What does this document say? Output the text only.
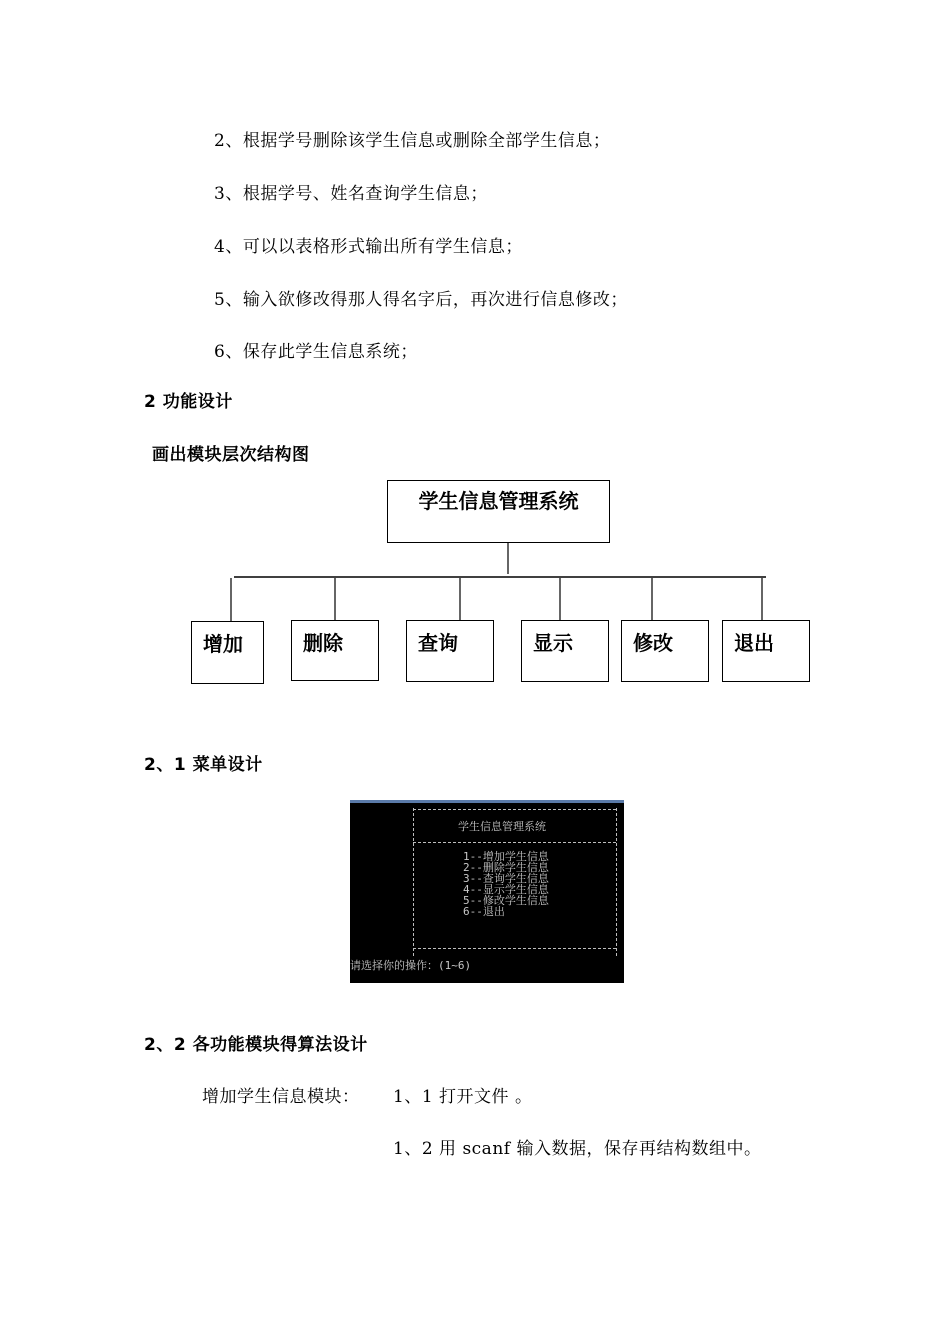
2、根据学号删除该学生信息或删除全部学生信息；
3、根据学号、姓名查询学生信息；
4、可以以表格形式输出所有学生信息；
5、输入欲修改得那人得名字后，再次进行信息修改；
6、保存此学生信息系统；
2 功能设计
画出模块层次结构图
学生信息管理系统
增加	删除	查询	显示	修改	退出
2、1 菜单设计
学生信息管理系统
1--增加学生信息
2--删除学生信息
3--查询学生信息
4--显示学生信息
5--修改学生信息
6--退出
请选择你的操作：(1~6)
2、2 各功能模块得算法设计
增加学生信息模块： 1、1 打开文件 。
1、2 用 scanf 输入数据，保存再结构数组中。
